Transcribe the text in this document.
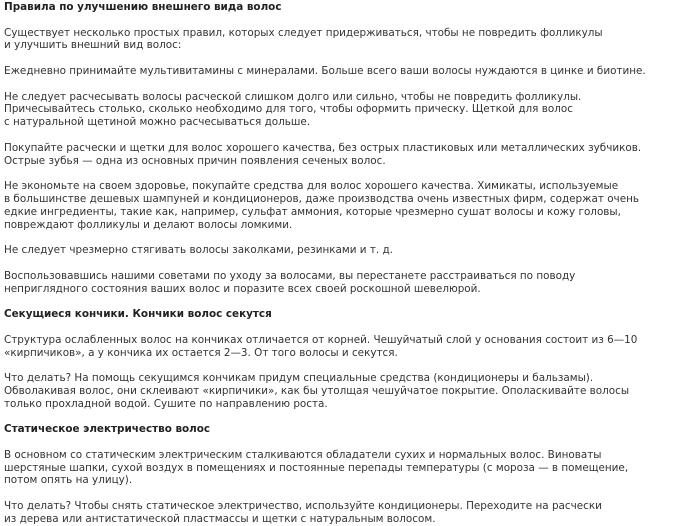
Правила по улучшению внешнего вида волос

Существует несколько простых правил, которых следует придерживаться, чтобы не повредить фолликулы
и улучшить внешний вид волос:

Ежедневно принимайте мультивитамины с минералами. Больше всего ваши волосы нуждаются в цинке и биотине.

Не следует расчесывать волосы расческой слишком долго или сильно, чтобы не повредить фолликулы.
Причесывайтесь столько, сколько необходимо для того, чтобы оформить прическу. Щеткой для волос
с натуральной щетиной можно расчесываться дольше.

Покупайте расчески и щетки для волос хорошего качества, без острых пластиковых или металлических зубчиков.
Острые зубья — одна из основных причин появления сеченых волос.

Не экономьте на своем здоровье, покупайте средства для волос хорошего качества. Химикаты, используемые
в большинстве дешевых шампуней и кондиционеров, даже производства очень известных фирм, содержат очень
едкие ингредиенты, такие как, например, сульфат аммония, которые чрезмерно сушат волосы и кожу головы,
повреждают фолликулы и делают волосы ломкими.

Не следует чрезмерно стягивать волосы заколками, резинками и т. д.

Воспользовавшись нашими советами по уходу за волосами, вы перестанете расстраиваться по поводу
неприглядного состояния ваших волос и поразите всех своей роскошной шевелюрой.

Секущиеся кончики. Кончики волос секутся

Структура ослабленных волос на кончиках отличается от корней. Чешуйчатый слой у основания состоит из 6—10
«кирпичиков», а у кончика их остается 2—3. От того волосы и секутся.

Что делать? На помощь секущимся кончикам придум специальные средства (кондиционеры и бальзамы).
Обволакивая волос, они склеивают «кирпичики», как бы утолщая чешуйчатое покрытие. Ополаскивайте волосы
только прохладной водой. Сушите по направлению роста.

Статическое электричество волос

В основном со статическим электрическим сталкиваются обладатели сухих и нормальных волос. Виноваты
шерстяные шапки, сухой воздух в помещениях и постоянные перепады температуры (с мороза — в помещение,
потом опять на улицу).

Что делать? Чтобы снять статическое электричество, используйте кондиционеры. Переходите на расчески
из дерева или антистатической пластмассы и щетки с натуральным волосом.
